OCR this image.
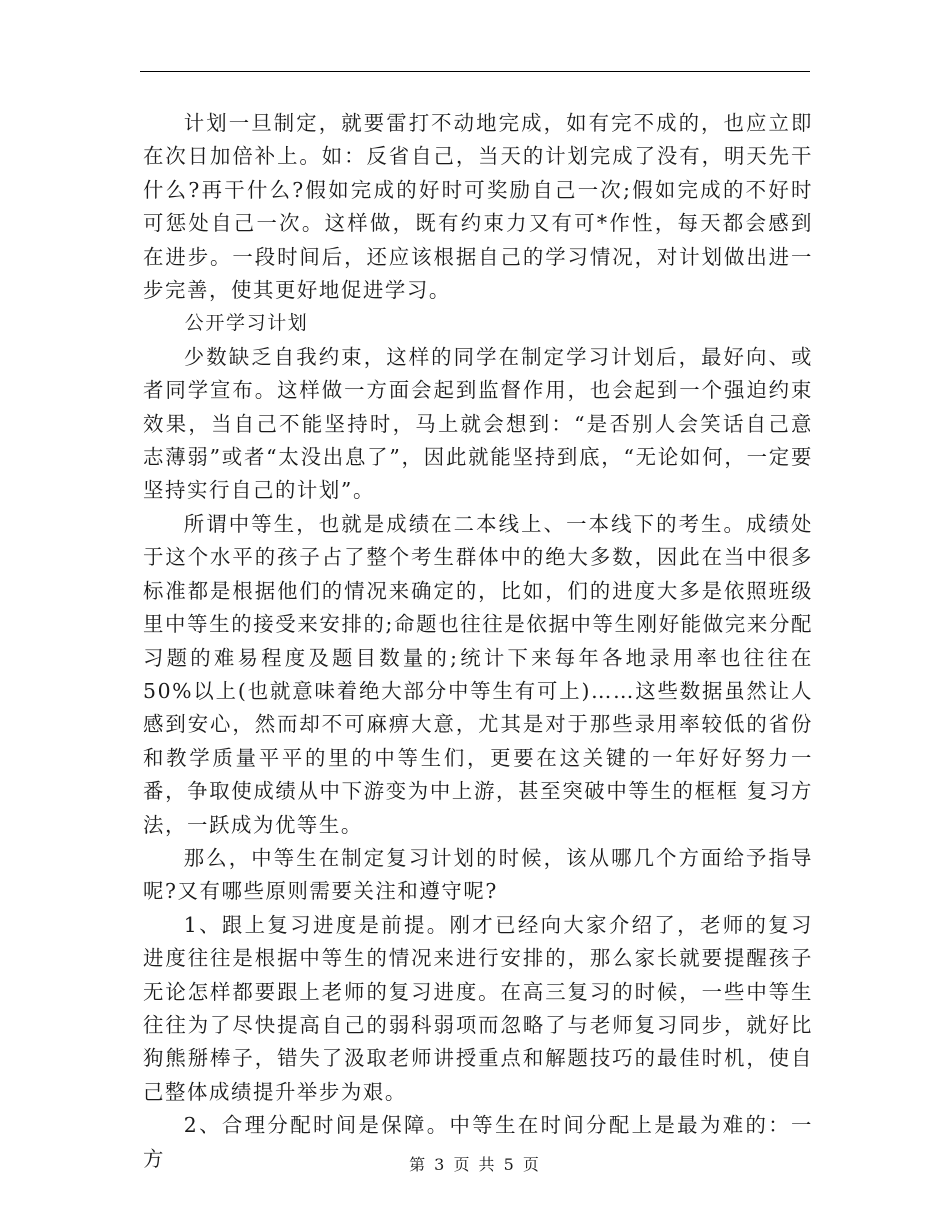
计划一旦制定，就要雷打不动地完成，如有完不成的，也应立即在次日加倍补上。如：反省自己，当天的计划完成了没有，明天先干什么?再干什么?假如完成的好时可奖励自己一次;假如完成的不好时可惩处自己一次。这样做，既有约束力又有可*作性，每天都会感到在进步。一段时间后，还应该根据自己的学习情况，对计划做出进一步完善，使其更好地促进学习。

公开学习计划

少数缺乏自我约束，这样的同学在制定学习计划后，最好向、或者同学宣布。这样做一方面会起到监督作用，也会起到一个强迫约束效果，当自己不能坚持时，马上就会想到：“是否别人会笑话自己意志薄弱”或者“太没出息了”，因此就能坚持到底，“无论如何，一定要坚持实行自己的计划”。

所谓中等生，也就是成绩在二本线上、一本线下的考生。成绩处于这个水平的孩子占了整个考生群体中的绝大多数，因此在当中很多标准都是根据他们的情况来确定的，比如，们的进度大多是依照班级里中等生的接受来安排的;命题也往往是依据中等生刚好能做完来分配习题的难易程度及题目数量的;统计下来每年各地录用率也往往在50%以上(也就意味着绝大部分中等生有可上)……这些数据虽然让人感到安心，然而却不可麻痹大意，尤其是对于那些录用率较低的省份和教学质量平平的里的中等生们，更要在这关键的一年好好努力一番，争取使成绩从中下游变为中上游，甚至突破中等生的框框 复习方法，一跃成为优等生。

那么，中等生在制定复习计划的时候，该从哪几个方面给予指导呢?又有哪些原则需要关注和遵守呢?

1、跟上复习进度是前提。刚才已经向大家介绍了，老师的复习进度往往是根据中等生的情况来进行安排的，那么家长就要提醒孩子无论怎样都要跟上老师的复习进度。在高三复习的时候，一些中等生往往为了尽快提高自己的弱科弱项而忽略了与老师复习同步，就好比狗熊掰棒子，错失了汲取老师讲授重点和解题技巧的最佳时机，使自己整体成绩提升举步为艰。

2、合理分配时间是保障。中等生在时间分配上是最为难的：一方	第 3 页 共 5 页
